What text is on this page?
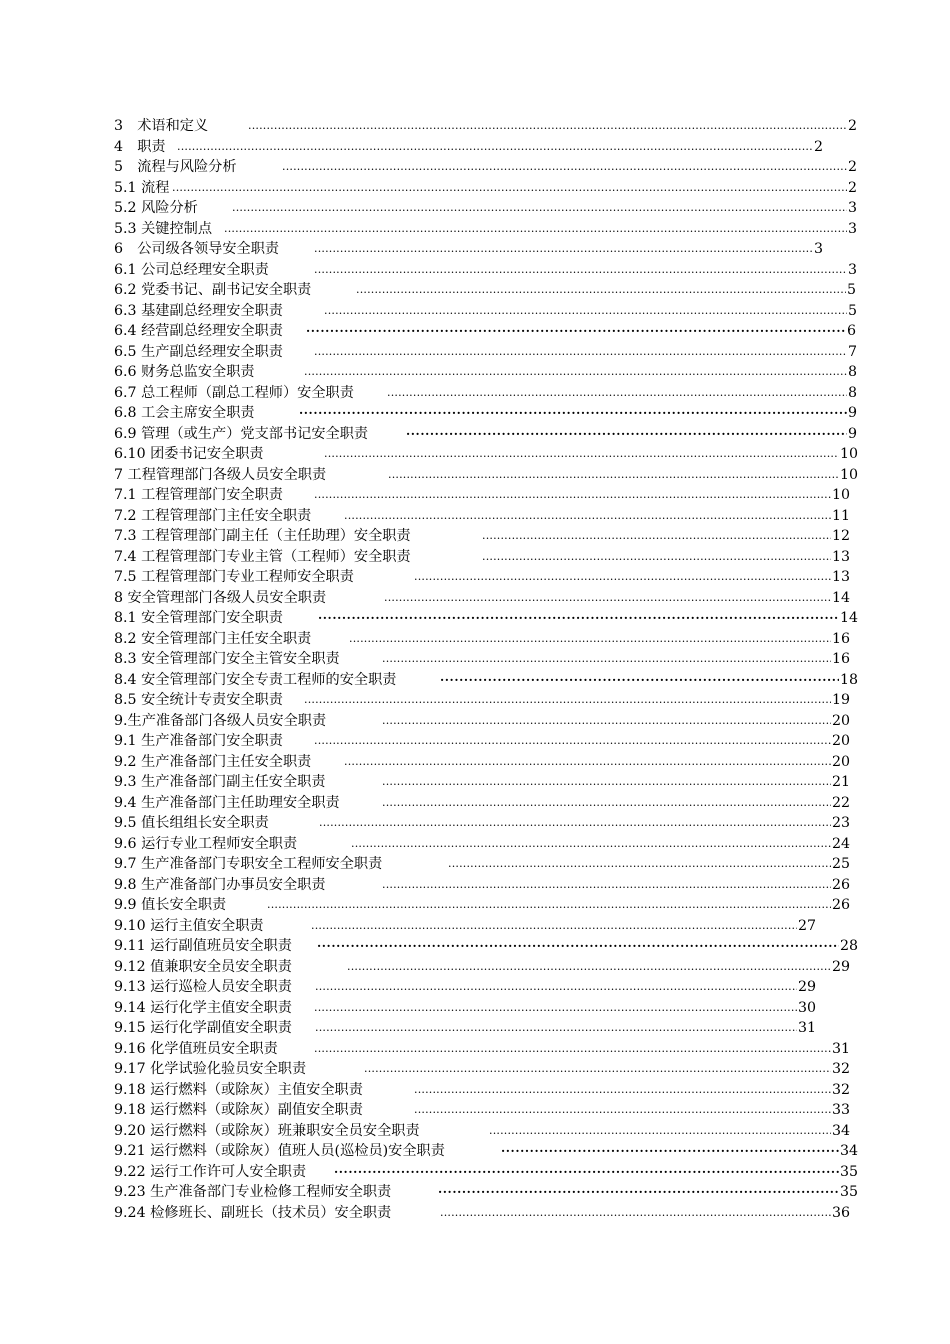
.....
3　术语和定义	2
.....
4　职责	2
.....
5　流程与风险分析	2
.....
5.1 流程	2
.....
5.2 风险分析	3
.....
5.3 关键控制点	3
.....
6　公司级各领导安全职责	3
.....
6.1 公司总经理安全职责	3
.....
6.2 党委书记、副书记安全职责	5
.....
6.3 基建副总经理安全职责	5
·····
6.4 经营副总经理安全职责	6
.....
6.5 生产副总经理安全职责	7
.....
6.6 财务总监安全职责	8
.....
6.7 总工程师（副总工程师）安全职责	8
·····
6.8 工会主席安全职责	9
·····
6.9 管理（或生产）党支部书记安全职责	9
.....
6.10 团委书记安全职责	10
.....
7 工程管理部门各级人员安全职责	10
.....
7.1 工程管理部门安全职责	10
.....
7.2 工程管理部门主任安全职责	11
.....
7.3 工程管理部门副主任（主任助理）安全职责	12
.....
7.4 工程管理部门专业主管（工程师）安全职责	13
.....
7.5 工程管理部门专业工程师安全职责	13
.....
8 安全管理部门各级人员安全职责	14
·····
8.1 安全管理部门安全职责	14
.....
8.2 安全管理部门主任安全职责	16
.....
8.3 安全管理部门安全主管安全职责	16
·····
8.4 安全管理部门安全专责工程师的安全职责	18
.....
8.5 安全统计专责安全职责	19
.....
9.生产准备部门各级人员安全职责	20
.....
9.1 生产准备部门安全职责	20
.....
9.2 生产准备部门主任安全职责	20
.....
9.3 生产准备部门副主任安全职责	21
.....
9.4 生产准备部门主任助理安全职责	22
.....
9.5 值长组组长安全职责	23
.....
9.6 运行专业工程师安全职责	24
.....
9.7 生产准备部门专职安全工程师安全职责	25
.....
9.8 生产准备部门办事员安全职责	26
.....
9.9 值长安全职责	26
.....
9.10 运行主值安全职责	27
·····
9.11 运行副值班员安全职责	28
.....
9.12 值兼职安全员安全职责	29
.....
9.13 运行巡检人员安全职责	29
.....
9.14 运行化学主值安全职责	30
.....
9.15 运行化学副值安全职责	31
.....
9.16 化学值班员安全职责	31
.....
9.17 化学试验化验员安全职责	32
.....
9.18 运行燃料（或除灰）主值安全职责	32
.....
9.18 运行燃料（或除灰）副值安全职责	33
.....
9.20 运行燃料（或除灰）班兼职安全员安全职责	34
·····
9.21 运行燃料（或除灰）值班人员(巡检员)安全职责	34
·····
9.22 运行工作许可人安全职责	35
·····
9.23 生产准备部门专业检修工程师安全职责	35
.....
9.24 检修班长、副班长（技术员）安全职责	36
